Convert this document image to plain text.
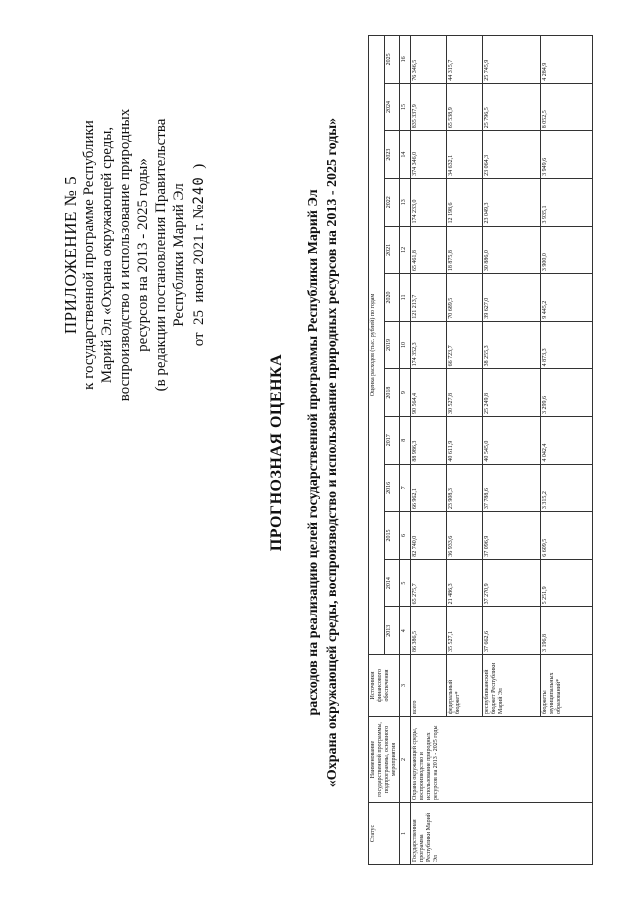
ПРИЛОЖЕНИЕ № 5 к государственной программе Республики Марий Эл «Охрана окружающей среды, воспроизводство и использование природных ресурсов на 2013 - 2025 годы» (в редакции постановления Правительства Республики Марий Эл
от  25  июня 2021 г. №240  )
ПРОГНОЗНАЯ ОЦЕНКА расходов на реализацию целей государственной программы Республики Марий Эл «Охрана окружающей среды, воспроизводство и использование природных ресурсов на 2013 - 2025 годы»
Статус	Наименование государственной программы, подпрограммы, основного мероприятия	Источники финансового обеспечения	Оценка расходов (тыс. рублей) по годам												
			2013	2014	2015	2016	2017	2018	2019	2020	2021	2022	2023	2024	2025
1	2	3	4	5	6	7	8	9	10	11	12	13	14	15	16
Государственная программа Республики Марий Эл	Охрана окружающей среды, воспроизводство и использование природных ресурсов на 2013 - 2025 годы	всего	86 386,5	65 275,7	82 740,0	66 962,1	88 986,3	90 564,4	174 352,3	121 213,7	65 461,8	174 233,0	374 346,0	835 337,9	76 346,5
		федеральный бюджет*	35 527,1	21 486,3	36 933,6	23 908,3	40 611,9	30 527,8	66 723,7	70 689,5	18 875,8	12 198,6	34 632,1	65 538,9	44 315,7
		республиканский бюджет Республики Марий Эл	37 662,6	37 270,9	37 096,9	37 788,6	40 545,0	25 249,8	38 255,3	39 627,0	30 886,0	23 049,3	23 064,3	25 796,5	25 745,9
		бюджеты муниципальных образований*	3 196,8	5 251,9	6 609,5	3 315,2	4 042,4	3 299,6	4 873,3	9 445,2	3 900,0	3 935,1	3 949,6	8 052,5	4 284,9
